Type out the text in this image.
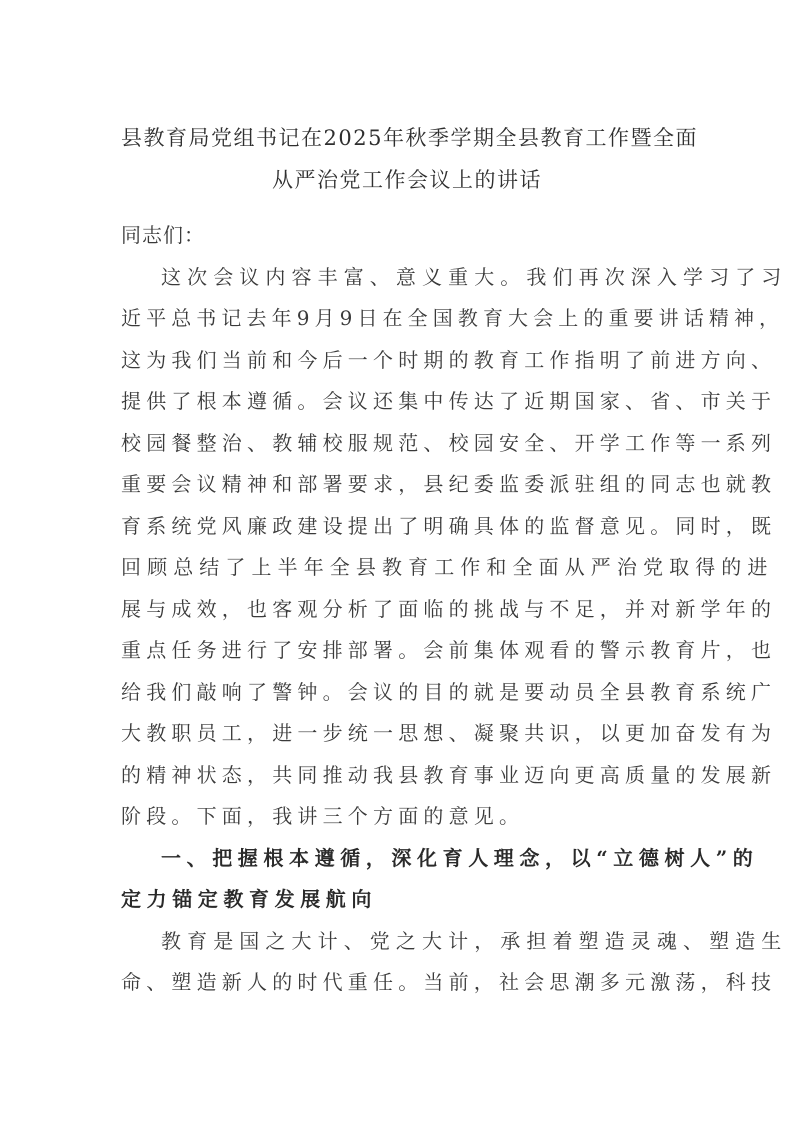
县教育局党组书记在2025年秋季学期全县教育工作暨全面
从严治党工作会议上的讲话
同志们：

这次会议内容丰富、意义重大。我们再次深入学习了习
近平总书记去年9月9日在全国教育大会上的重要讲话精神，
这为我们当前和今后一个时期的教育工作指明了前进方向、
提供了根本遵循。会议还集中传达了近期国家、省、市关于
校园餐整治、教辅校服规范、校园安全、开学工作等一系列
重要会议精神和部署要求，县纪委监委派驻组的同志也就教
育系统党风廉政建设提出了明确具体的监督意见。同时，既
回顾总结了上半年全县教育工作和全面从严治党取得的进
展与成效，也客观分析了面临的挑战与不足，并对新学年的
重点任务进行了安排部署。会前集体观看的警示教育片，也
给我们敲响了警钟。会议的目的就是要动员全县教育系统广
大教职员工，进一步统一思想、凝聚共识，以更加奋发有为
的精神状态，共同推动我县教育事业迈向更高质量的发展新
阶段。下面，我讲三个方面的意见。

一、把握根本遵循，深化育人理念，以“立德树人”的
定力锚定教育发展航向

教育是国之大计、党之大计，承担着塑造灵魂、塑造生
命、塑造新人的时代重任。当前，社会思潮多元激荡，科技
